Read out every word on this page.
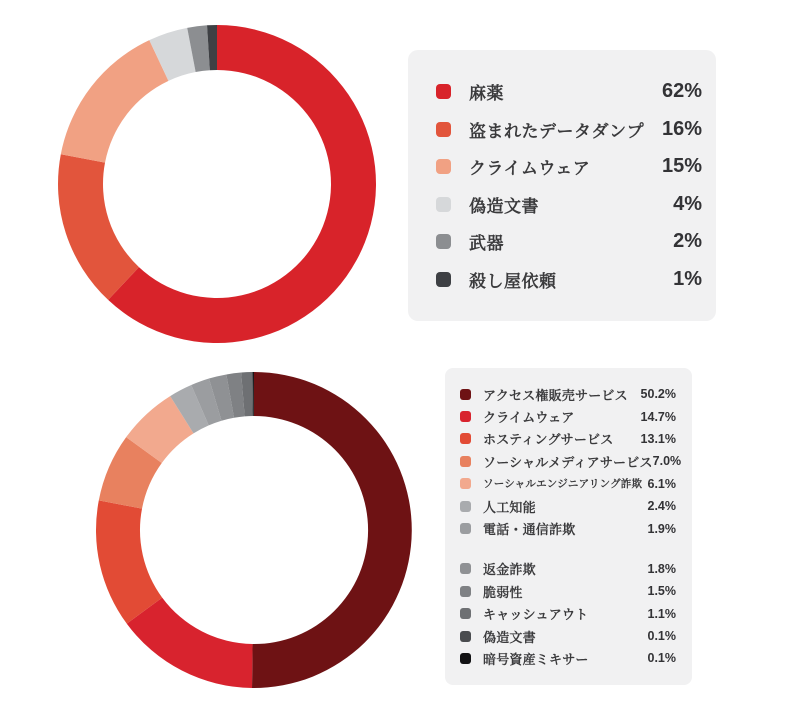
麻薬	62%
盗まれたデータダンプ 16%
クライムウェア	15%
偽造文書	4%
武器	2%
殺し屋依頼	1%
アクセス権販売サービス 50.2%
クライムウェア	14.7%
ホスティングサービス 13.1%
ソーシャルメディアサービス 7.0%
ソーシャルエンジニアリング詐欺 6.1%
人工知能	2.4%
電話・通信詐欺	1.9%
返金詐欺	1.8%
脆弱性	1.5%
キャッシュアウト	1.1%
偽造文書	0.1%
暗号資産ミキサー	0.1%
